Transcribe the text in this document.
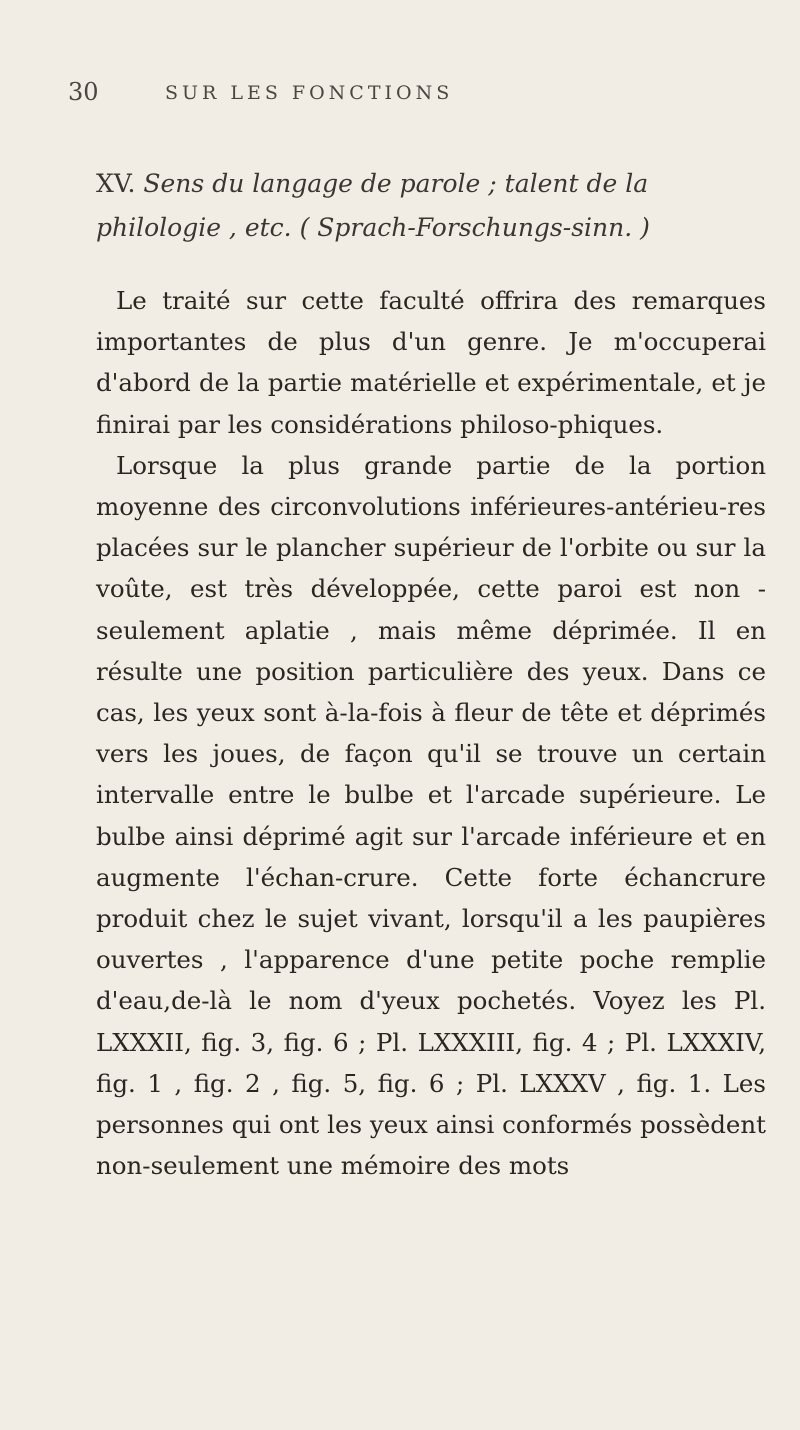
30	SUR LES FONCTIONS
XV. Sens du langage de parole ; talent de la philologie , etc. ( Sprach-Forschungs-sinn. )

Le traité sur cette faculté offrira des remarques importantes de plus d'un genre. Je m'occuperai d'abord de la partie matérielle et expérimentale, et je finirai par les considérations philoso-phiques.

Lorsque la plus grande partie de la portion moyenne des circonvolutions inférieures-antérieu-res placées sur le plancher supérieur de l'orbite ou sur la voûte, est très développée, cette paroi est non - seulement aplatie , mais même déprimée. Il en résulte une position particulière des yeux. Dans ce cas, les yeux sont à-la-fois à fleur de tête et déprimés vers les joues, de façon qu'il se trouve un certain intervalle entre le bulbe et l'arcade supérieure. Le bulbe ainsi déprimé agit sur l'arcade inférieure et en augmente l'échan-crure. Cette forte échancrure produit chez le sujet vivant, lorsqu'il a les paupières ouvertes , l'apparence d'une petite poche remplie d'eau,de-là le nom d'yeux pochetés. Voyez les Pl. LXXXII, fig. 3, fig. 6 ; Pl. LXXXIII, fig. 4 ; Pl. LXXXIV, fig. 1 , fig. 2 , fig. 5, fig. 6 ; Pl. LXXXV , fig. 1. Les personnes qui ont les yeux ainsi conformés possèdent non-seulement une mémoire des mots
